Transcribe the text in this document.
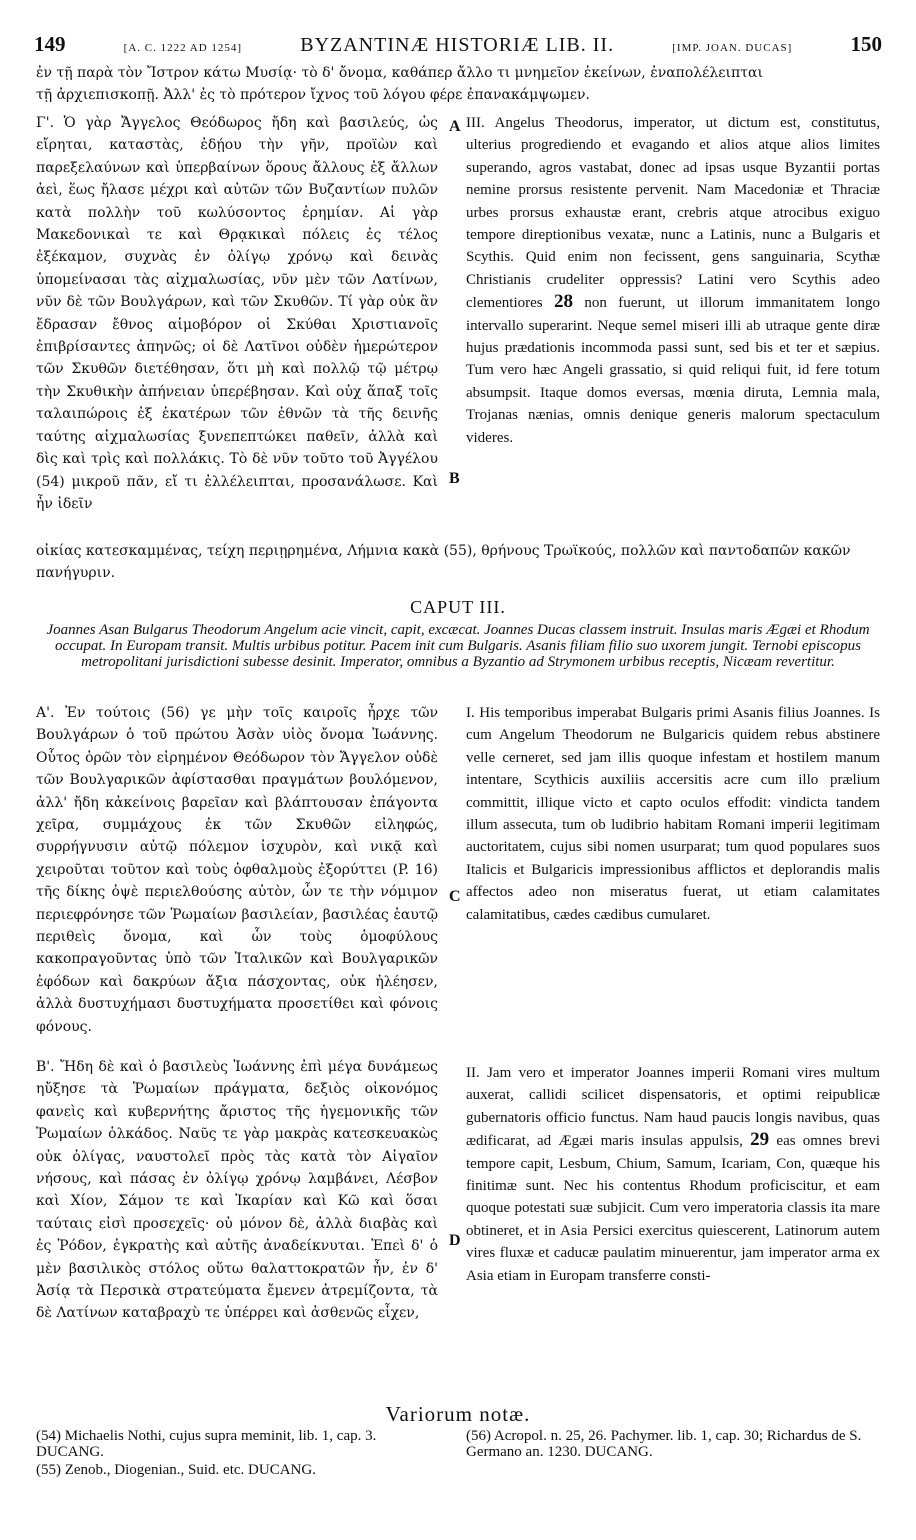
149	[A. C. 1222 AD 1254]	BYZANTINÆ HISTORIÆ LIB. II.	[IMP. JOAN. DUCAS]	150
ἐν τῇ παρὰ τὸν Ἴστρον κάτω Μυσίᾳ· τὸ δ' ὄνομα, καθάπερ ἄλλο τι μνημεῖον ἐκείνων, ἐναπολέλειπται
τῇ ἀρχιεπισκοπῇ. Ἀλλ' ἐς τὸ πρότερον ἴχνος τοῦ λόγου φέρε ἐπανακάμψωμεν.
Γ'. Ὁ γὰρ Ἄγγελος Θεόδωρος ἤδη καὶ βασιλεύς, ὡς εἴρηται, καταστὰς, ἐδῄου τὴν γῆν, προϊὼν καὶ παρεξελαύνων καὶ ὑπερβαίνων ὅρους ἄλλους ἐξ ἄλλων ἀεὶ, ἕως ἤλασε μέχρι καὶ αὐτῶν τῶν Βυζαντίων πυλῶν κατὰ πολλὴν τοῦ κωλύσοντος ἐρημίαν. Αἱ γὰρ Μακεδονικαὶ τε καὶ Θρᾳκικαὶ πόλεις ἐς τέλος ἐξέκαμον, συχνὰς ἐν ὀλίγῳ χρόνῳ καὶ δεινὰς ὑπομείνασαι τὰς αἰχμαλωσίας, νῦν μὲν τῶν Λατίνων, νῦν δὲ τῶν Βουλγάρων, καὶ τῶν Σκυθῶν. Τί γὰρ οὐκ ἂν ἔδρασαν ἔθνος αἱμοβόρον οἱ Σκύθαι Χριστιανοῖς ἐπιβρίσαντες ἀπηνῶς; οἱ δὲ Λατῖνοι οὐδὲν ἡμερώτερον τῶν Σκυθῶν διετέθησαν, ὅτι μὴ καὶ πολλῷ τῷ μέτρῳ τὴν Σκυθικὴν ἀπήνειαν ὑπερέβησαν. Καὶ οὐχ ἅπαξ τοῖς ταλαιπώροις ἐξ ἑκατέρων τῶν ἐθνῶν τὰ τῆς δεινῆς ταύτης αἰχμαλωσίας ξυνεπεπτώκει παθεῖν, ἀλλὰ καὶ δὶς καὶ τρὶς καὶ πολλάκις. Τὸ δὲ νῦν τοῦτο τοῦ Ἀγγέλου (54) μικροῦ πᾶν, εἴ τι ἐλλέλειπται, προσανάλωσε. Καὶ ἦν ἰδεῖν
III. Angelus Theodorus, imperator, ut dictum est, constitutus, ulterius progrediendo et evagando et alios atque alios limites superando, agros vastabat, donec ad ipsas usque Byzantii portas nemine prorsus resistente pervenit. Nam Macedoniæ et Thraciæ urbes prorsus exhaustæ erant, crebris atque atrocibus exiguo tempore direptionibus vexatæ, nunc a Latinis, nunc a Bulgaris et Scythis. Quid enim non fecissent, gens sanguinaria, Scythæ Christianis crudeliter oppressis? Latini vero Scythis adeo clementiores 28 non fuerunt, ut illorum immanitatem longo intervallo superarint. Neque semel miseri illi ab utraque gente diræ hujus prædationis incommoda passi sunt, sed bis et ter et sæpius. Tum vero hæc Angeli grassatio, si quid reliqui fuit, id fere totum absumpsit. Itaque domos eversas, mœnia diruta, Lemnia mala, Trojanas nænias, omnis denique generis malorum spectaculum videres.
A
B
οἰκίας κατεσκαμμένας, τείχη περιῃρημένα, Λήμνια κακὰ (55), θρήνους Τρωϊκούς, πολλῶν καὶ παντοδαπῶν κακῶν πανήγυριν.
CAPUT III.
Joannes Asan Bulgarus Theodorum Angelum acie vincit, capit, excæcat. Joannes Ducas classem instruit. Insulas maris Ægæi et Rhodum occupat. In Europam transit. Multis urbibus potitur. Pacem init cum Bulgaris. Asanis filiam filio suo uxorem jungit. Ternobi episcopus metropolitani jurisdictioni subesse desinit. Imperator, omnibus a Byzantio ad Strymonem urbibus receptis, Nicæam revertitur.
Α'. Ἐν τούτοις (56) γε μὴν τοῖς καιροῖς ἦρχε τῶν Βουλγάρων ὁ τοῦ πρώτου Ἀσὰν υἱὸς ὄνομα Ἰωάννης. Οὗτος ὁρῶν τὸν εἰρημένον Θεόδωρον τὸν Ἄγγελον οὐδὲ τῶν Βουλγαρικῶν ἀφίστασθαι πραγμάτων βουλόμενον, ἀλλ' ἤδη κἀκείνοις βαρεῖαν καὶ βλάπτουσαν ἐπάγοντα χεῖρα, συμμάχους ἐκ τῶν Σκυθῶν εἰληφώς, συρρήγνυσιν αὐτῷ πόλεμον ἰσχυρὸν, καὶ νικᾷ καὶ χειροῦται τοῦτον καὶ τοὺς ὀφθαλμοὺς ἐξορύττει (P. 16) τῆς δίκης ὀψὲ περιελθούσης αὐτὸν, ὧν τε τὴν νόμιμον περιεφρόνησε τῶν Ῥωμαίων βασιλείαν, βασιλέας ἑαυτῷ περιθεὶς ὄνομα, καὶ ὧν τοὺς ὁμοφύλους κακοπραγοῦντας ὑπὸ τῶν Ἰταλικῶν καὶ Βουλγαρικῶν ἐφόδων καὶ δακρύων ἄξια πάσχοντας, οὐκ ἠλέησεν, ἀλλὰ δυστυχήμασι δυστυχήματα προσετίθει καὶ φόνοις φόνους.
I. His temporibus imperabat Bulgaris primi Asanis filius Joannes. Is cum Angelum Theodorum ne Bulgaricis quidem rebus abstinere velle cerneret, sed jam illis quoque infestam et hostilem manum intentare, Scythicis auxiliis accersitis acre cum illo prælium committit, illique victo et capto oculos effodit: vindicta tandem illum assecuta, tum ob ludibrio habitam Romani imperii legitimam auctoritatem, cujus sibi nomen usurparat; tum quod populares suos Italicis et Bulgaricis impressionibus afflictos et deplorandis malis affectos adeo non miseratus fuerat, ut etiam calamitates calamitatibus, cædes cædibus cumularet.
C
Β'. Ἤδη δὲ καὶ ὁ βασιλεὺς Ἰωάννης ἐπὶ μέγα δυνάμεως ηὔξησε τὰ Ῥωμαίων πράγματα, δεξιὸς οἰκονόμος φανεὶς καὶ κυβερνήτης ἄριστος τῆς ἡγεμονικῆς τῶν Ῥωμαίων ὁλκάδος. Ναῦς τε γὰρ μακρὰς κατεσκευακὼς οὐκ ὀλίγας, ναυστολεῖ πρὸς τὰς κατὰ τὸν Αἰγαῖον νήσους, καὶ πάσας ἐν ὀλίγῳ χρόνῳ λαμβάνει, Λέσβον καὶ Χίον, Σάμον τε καὶ Ἰκαρίαν καὶ Κῶ καὶ ὅσαι ταύταις εἰσὶ προσεχεῖς· οὐ μόνον δὲ, ἀλλὰ διαβὰς καὶ ἐς Ῥόδον, ἐγκρατὴς καὶ αὐτῆς ἀναδείκνυται. Ἐπεὶ δ' ὁ μὲν βασιλικὸς στόλος οὕτω θαλαττοκρατῶν ἦν, ἐν δ' Ἀσίᾳ τὰ Περσικὰ στρατεύματα ἔμενεν ἀτρεμίζοντα, τὰ δὲ Λατίνων καταβραχὺ τε ὑπέρρει καὶ ἀσθενῶς εἶχεν,
II. Jam vero et imperator Joannes imperii Romani vires multum auxerat, callidi scilicet dispensatoris, et optimi reipublicæ gubernatoris officio functus. Nam haud paucis longis navibus, quas ædificarat, ad Ægæi maris insulas appulsis, 29 eas omnes brevi tempore capit, Lesbum, Chium, Samum, Icariam, Con, quæque his finitimæ sunt. Nec his contentus Rhodum proficiscitur, et eam quoque potestati suæ subjicit. Cum vero imperatoria classis ita mare obtineret, et in Asia Persici exercitus quiescerent, Latinorum autem vires fluxæ et caducæ paulatim minuerentur, jam imperator arma ex Asia etiam in Europam transferre consti-
D
Variorum notæ.
(54) Michaelis Nothi, cujus supra meminit, lib. 1, cap. 3. DUCANG.
(55) Zenob., Diogenian., Suid. etc. DUCANG.
(56) Acropol. n. 25, 26. Pachymer. lib. 1, cap. 30; Richardus de S. Germano an. 1230. DUCANG.
